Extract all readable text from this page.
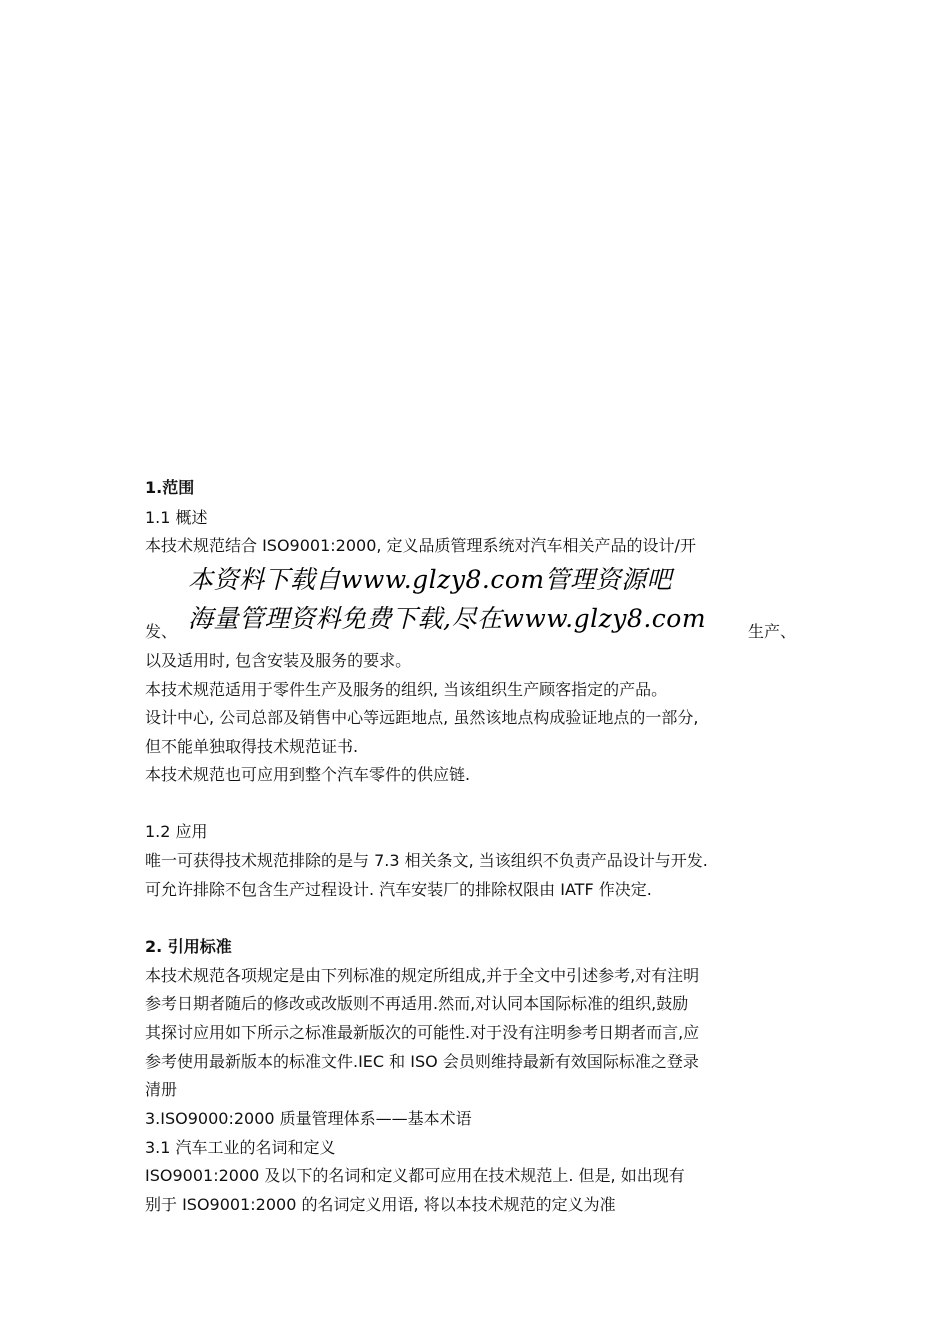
1.范围

1.1 概述

本技术规范结合 ISO9001:2000, 定义品质管理系统对汽车相关产品的设计/开

本资料下载自www.glzy8.com管理资源吧
海量管理资料免费下载,尽在www.glzy8.com

发、	生产、

以及适用时, 包含安装及服务的要求。

本技术规范适用于零件生产及服务的组织, 当该组织生产顾客指定的产品。

设计中心, 公司总部及销售中心等远距地点, 虽然该地点构成验证地点的一部分,

但不能单独取得技术规范证书.

本技术规范也可应用到整个汽车零件的供应链.

1.2 应用

唯一可获得技术规范排除的是与 7.3 相关条文, 当该组织不负责产品设计与开发.

可允许排除不包含生产过程设计. 汽车安装厂的排除权限由 IATF 作决定.

2. 引用标准

本技术规范各项规定是由下列标准的规定所组成,并于全文中引述参考,对有注明

参考日期者随后的修改或改版则不再适用.然而,对认同本国际标准的组织,鼓励

其探讨应用如下所示之标准最新版次的可能性.对于没有注明参考日期者而言,应

参考使用最新版本的标准文件.IEC 和 ISO 会员则维持最新有效国际标准之登录

清册

3.ISO9000:2000 质量管理体系——基本术语

3.1 汽车工业的名词和定义

ISO9001:2000 及以下的名词和定义都可应用在技术规范上. 但是, 如出现有

别于 ISO9001:2000 的名词定义用语, 将以本技术规范的定义为准
